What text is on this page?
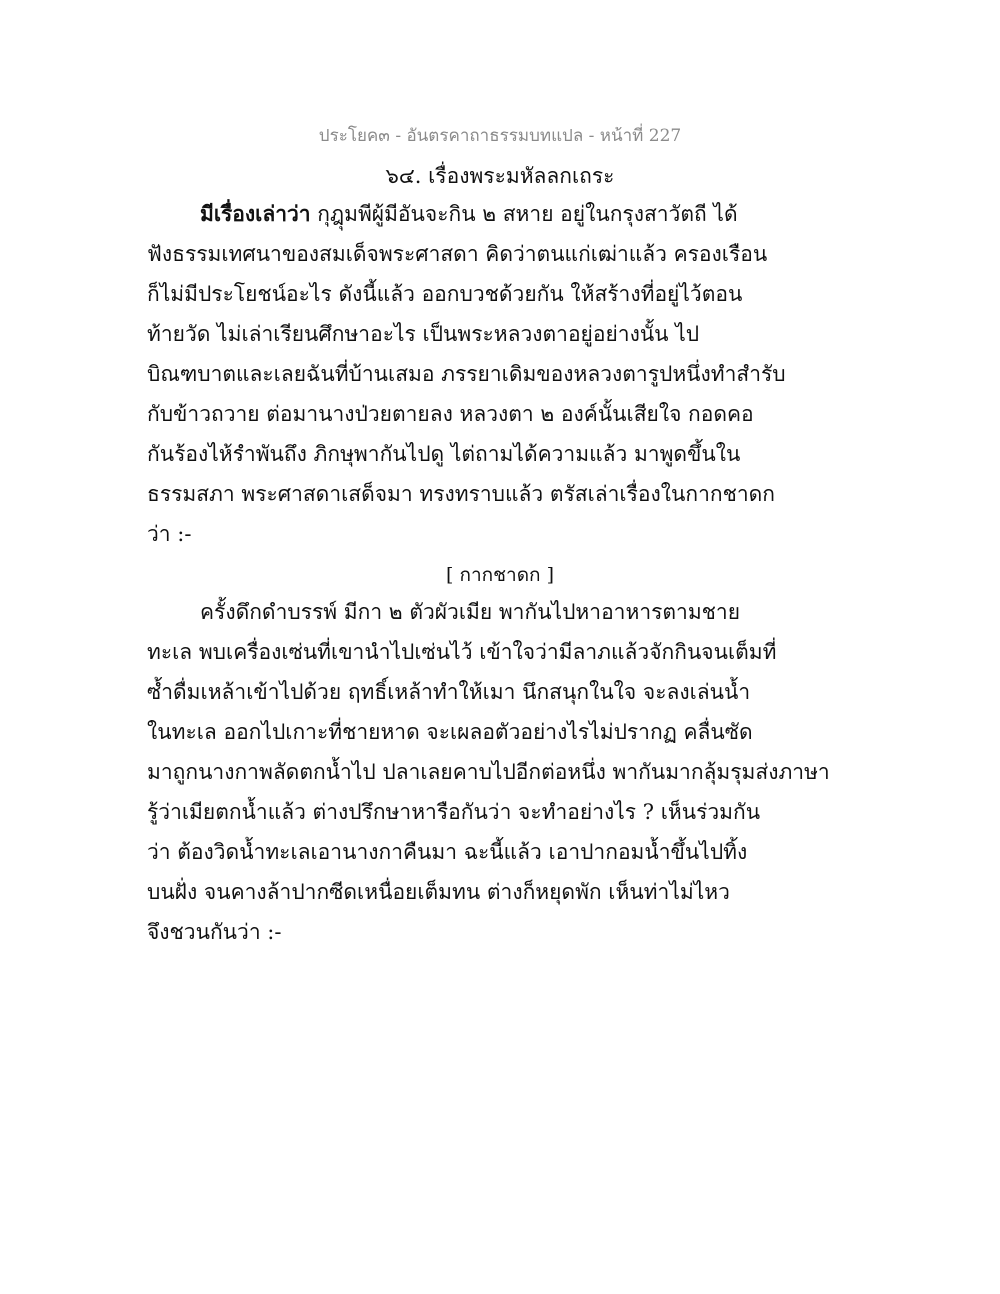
ประโยค๓ - อันตรคาถาธรรมบทแปล - หน้าที่ 227
๖๔. เรื่องพระมหัลลกเถระ
มีเรื่องเล่าว่า กุฎุมพีผู้มีอันจะกิน ๒ สหาย อยู่ในกรุงสาวัตถี ได้
ฟังธรรมเทศนาของสมเด็จพระศาสดา คิดว่าตนแก่เฒ่าแล้ว ครองเรือน
ก็ไม่มีประโยชน์อะไร ดังนี้แล้ว ออกบวชด้วยกัน ให้สร้างที่อยู่ไว้ตอน
ท้ายวัด ไม่เล่าเรียนศึกษาอะไร เป็นพระหลวงตาอยู่อย่างนั้น ไป
บิณฑบาตและเลยฉันที่บ้านเสมอ ภรรยาเดิมของหลวงตารูปหนึ่งทำสำรับ
กับข้าวถวาย ต่อมานางป่วยตายลง หลวงตา ๒ องค์นั้นเสียใจ กอดคอ
กันร้องไห้รำพันถึง ภิกษุพากันไปดู ไต่ถามได้ความแล้ว มาพูดขึ้นใน
ธรรมสภา พระศาสดาเสด็จมา ทรงทราบแล้ว ตรัสเล่าเรื่องในกากชาดก
ว่า :-
[ กากชาดก ]
ครั้งดึกดำบรรพ์ มีกา ๒ ตัวผัวเมีย พากันไปหาอาหารตามชาย
ทะเล พบเครื่องเซ่นที่เขานำไปเซ่นไว้ เข้าใจว่ามีลาภแล้วจักกินจนเต็มที่
ซ้ำดื่มเหล้าเข้าไปด้วย ฤทธิ์เหล้าทำให้เมา นึกสนุกในใจ จะลงเล่นน้ำ
ในทะเล ออกไปเกาะที่ชายหาด จะเผลอตัวอย่างไรไม่ปรากฏ คลื่นซัด
มาถูกนางกาพลัดตกน้ำไป ปลาเลยคาบไปอีกต่อหนึ่ง พากันมากลุ้มรุมส่งภาษา
รู้ว่าเมียตกน้ำแล้ว ต่างปรึกษาหารือกันว่า จะทำอย่างไร ? เห็นร่วมกัน
ว่า ต้องวิดน้ำทะเลเอานางกาคืนมา ฉะนี้แล้ว เอาปากอมน้ำขึ้นไปทิ้ง
บนฝั่ง จนคางล้าปากซีดเหนื่อยเต็มทน ต่างก็หยุดพัก เห็นท่าไม่ไหว
จึงชวนกันว่า :-
